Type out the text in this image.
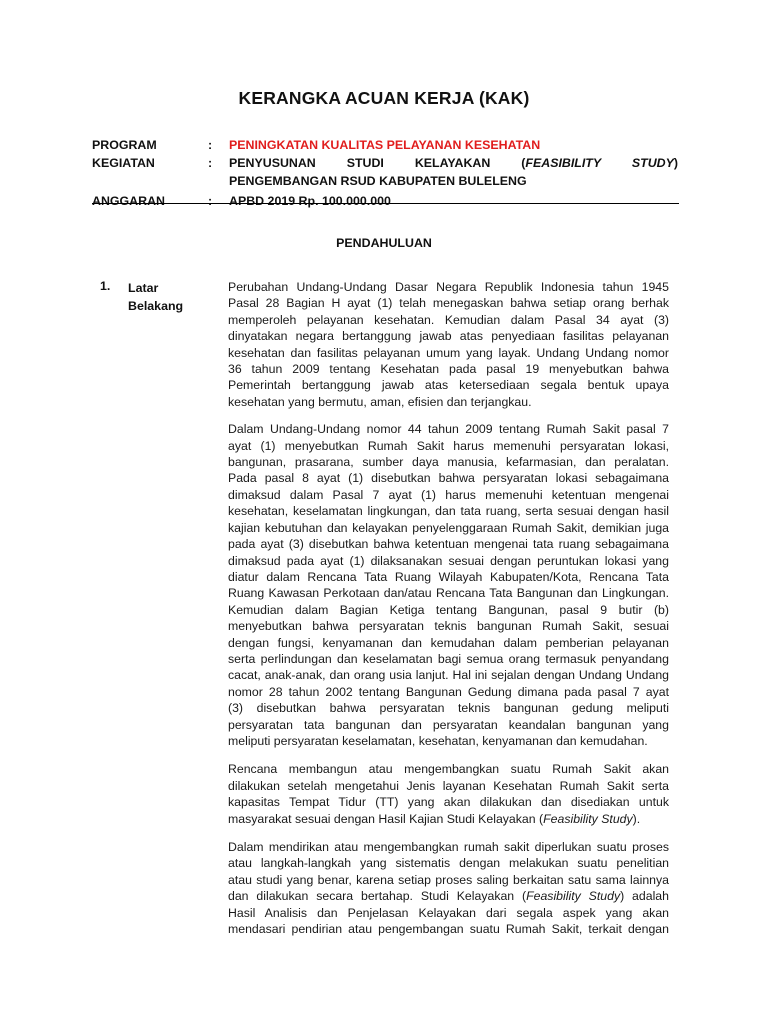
KERANGKA ACUAN KERJA (KAK)
PROGRAM	:	PENINGKATAN KUALITAS PELAYANAN KESEHATAN
KEGIATAN	:	PENYUSUNAN STUDI KELAYAKAN (FEASIBILITY STUDY) PENGEMBANGAN RSUD KABUPATEN BULELENG
ANGGARAN	:	APBD 2019 Rp. 100.000.000
PENDAHULUAN
1. Latar
Belakang

Perubahan Undang-Undang Dasar Negara Republik Indonesia tahun 1945
Pasal 28 Bagian H ayat (1) telah menegaskan bahwa setiap orang berhak
memperoleh pelayanan kesehatan. Kemudian dalam Pasal 34 ayat (3)
dinyatakan negara bertanggung jawab atas penyediaan fasilitas pelayanan
kesehatan dan fasilitas pelayanan umum yang layak. Undang Undang nomor
36 tahun 2009 tentang Kesehatan pada pasal 19 menyebutkan bahwa
Pemerintah bertanggung jawab atas ketersediaan segala bentuk upaya
kesehatan yang bermutu, aman, efisien dan terjangkau.

Dalam Undang-Undang nomor 44 tahun 2009 tentang Rumah Sakit pasal 7
ayat (1) menyebutkan Rumah Sakit harus memenuhi persyaratan lokasi,
bangunan, prasarana, sumber daya manusia, kefarmasian, dan peralatan.
Pada pasal 8 ayat (1) disebutkan bahwa persyaratan lokasi sebagaimana
dimaksud dalam Pasal 7 ayat (1) harus memenuhi ketentuan mengenai
kesehatan, keselamatan lingkungan, dan tata ruang, serta sesuai dengan hasil
kajian kebutuhan dan kelayakan penyelenggaraan Rumah Sakit, demikian juga
pada ayat (3) disebutkan bahwa ketentuan mengenai tata ruang sebagaimana
dimaksud pada ayat (1) dilaksanakan sesuai dengan peruntukan lokasi yang
diatur dalam Rencana Tata Ruang Wilayah Kabupaten/Kota, Rencana Tata
Ruang Kawasan Perkotaan dan/atau Rencana Tata Bangunan dan Lingkungan.
Kemudian dalam Bagian Ketiga tentang Bangunan, pasal 9 butir (b)
menyebutkan bahwa persyaratan teknis bangunan Rumah Sakit, sesuai
dengan fungsi, kenyamanan dan kemudahan dalam pemberian pelayanan
serta perlindungan dan keselamatan bagi semua orang termasuk penyandang
cacat, anak-anak, dan orang usia lanjut. Hal ini sejalan dengan Undang Undang
nomor 28 tahun 2002 tentang Bangunan Gedung dimana pada pasal 7 ayat
(3) disebutkan bahwa persyaratan teknis bangunan gedung meliputi
persyaratan tata bangunan dan persyaratan keandalan bangunan yang
meliputi persyaratan keselamatan, kesehatan, kenyamanan dan kemudahan.

Rencana membangun atau mengembangkan suatu Rumah Sakit akan
dilakukan setelah mengetahui Jenis layanan Kesehatan Rumah Sakit serta
kapasitas Tempat Tidur (TT) yang akan dilakukan dan disediakan untuk
masyarakat sesuai dengan Hasil Kajian Studi Kelayakan (Feasibility Study).

Dalam mendirikan atau mengembangkan rumah sakit diperlukan suatu proses
atau langkah-langkah yang sistematis dengan melakukan suatu penelitian
atau studi yang benar, karena setiap proses saling berkaitan satu sama lainnya
dan dilakukan secara bertahap. Studi Kelayakan (Feasibility Study) adalah
Hasil Analisis dan Penjelasan Kelayakan dari segala aspek yang akan
mendasari pendirian atau pengembangan suatu Rumah Sakit, terkait dengan
